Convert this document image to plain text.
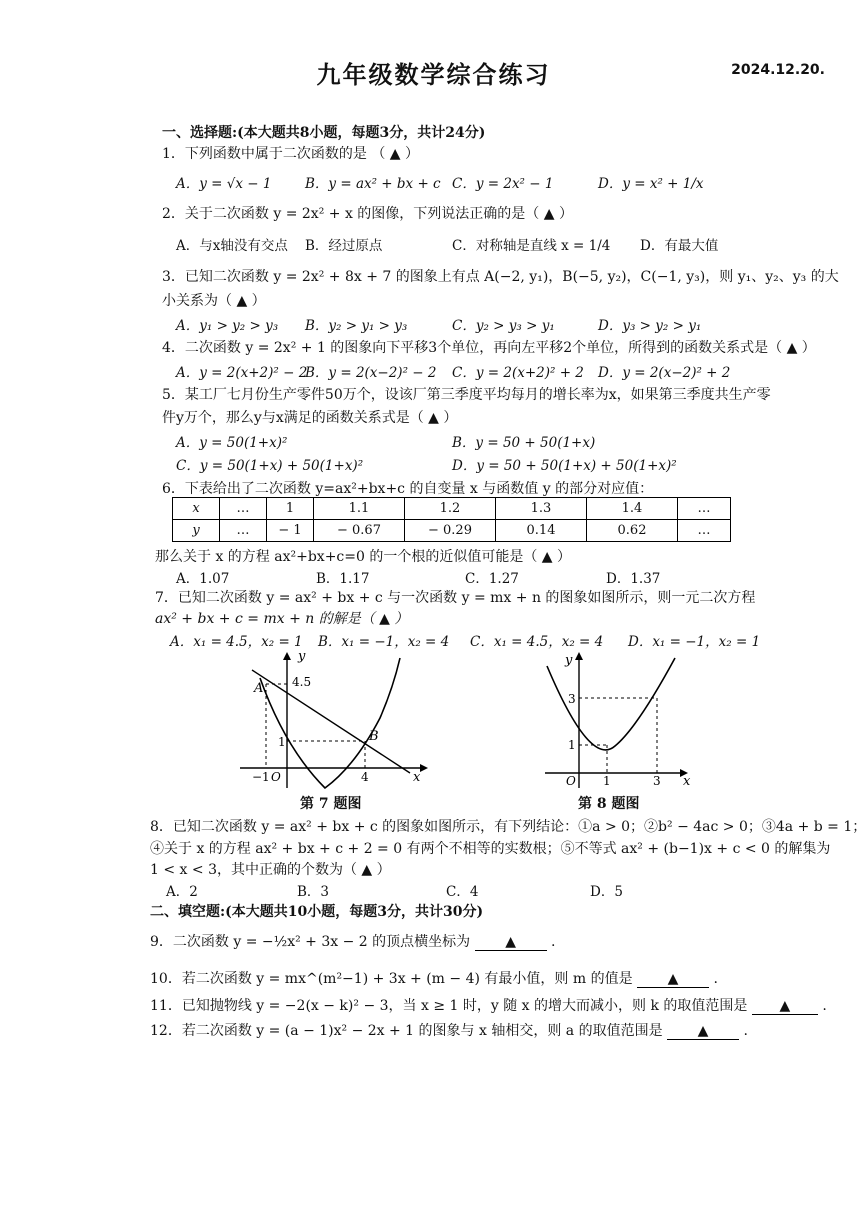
九年级数学综合练习	2024.12.20.
一、选择题:(本大题共8小题，每题3分，共计24分)
1．下列函数中属于二次函数的是 （ ▲ ）
A．y = √x − 1 B．y = ax² + bx + c C．y = 2x² − 1	D．y = x² + 1/x
2．关于二次函数 y = 2x² + x 的图像，下列说法正确的是（ ▲ ）
A．与x轴没有交点 B．经过原点	C．对称轴是直线 x = 1/4 D．有最大值
3．已知二次函数 y = 2x² + 8x + 7 的图象上有点 A(−2, y₁)，B(−5, y₂)，C(−1, y₃)，则 y₁、y₂、y₃ 的大
小关系为（ ▲ ）
A．y₁ > y₂ > y₃ B．y₂ > y₁ > y₃	C．y₂ > y₃ > y₁	D．y₃ > y₂ > y₁
4．二次函数 y = 2x² + 1 的图象向下平移3个单位，再向左平移2个单位，所得到的函数关系式是（ ▲ ）
A．y = 2(x+2)² − 2
B．y = 2(x−2)² − 2 C．y = 2(x+2)² + 2 D．y = 2(x−2)² + 2
5．某工厂七月份生产零件50万个，设该厂第三季度平均每月的增长率为x，如果第三季度共生产零
件y万个，那么y与x满足的函数关系式是（ ▲ ）
A．y = 50(1+x)²	B．y = 50 + 50(1+x)
C．y = 50(1+x) + 50(1+x)²	D．y = 50 + 50(1+x) + 50(1+x)²
6．下表给出了二次函数 y=ax²+bx+c 的自变量 x 与函数值 y 的部分对应值：
x	…	1	1.1	1.2	1.3	1.4	…
y	…	− 1	− 0.67	− 0.29	0.14	0.62	…
那么关于 x 的方程 ax²+bx+c=0 的一个根的近似值可能是（ ▲ ）
A．1.07	B．1.17	C．1.27	D．1.37
7．已知二次函数 y = ax² + bx + c 与一次函数 y = mx + n 的图象如图所示，则一元二次方程
ax² + bx + c = mx + n 的解是（ ▲ ）
A．x₁ = 4.5，x₂ = 1 B．x₁ = −1，x₂ = 4 C．x₁ = 4.5，x₂ = 4 D．x₁ = −1，x₂ = 1
y
x
A
B
O
4.5
1
−1	4
第 7 题图
y
x
O
3
1
1	3
第 8 题图
8．已知二次函数 y = ax² + bx + c 的图象如图所示，有下列结论：①a > 0；②b² − 4ac > 0；③4a + b = 1；
④关于 x 的方程 ax² + bx + c + 2 = 0 有两个不相等的实数根；⑤不等式 ax² + (b−1)x + c < 0 的解集为
1 < x < 3，其中正确的个数为（ ▲ ）
A．2	B．3	C．4	D．5
二、填空题:(本大题共10小题，每题3分，共计30分)
9．二次函数 y = −½x² + 3x − 2 的顶点横坐标为	▲	.
10．若二次函数 y = mx^(m²−1) + 3x + (m − 4) 有最小值，则 m 的值是	▲	.
11．已知抛物线 y = −2(x − k)² − 3，当 x ≥ 1 时，y 随 x 的增大而减小，则 k 的取值范围是 ▲ .
12．若二次函数 y = (a − 1)x² − 2x + 1 的图象与 x 轴相交，则 a 的取值范围是	▲	.
